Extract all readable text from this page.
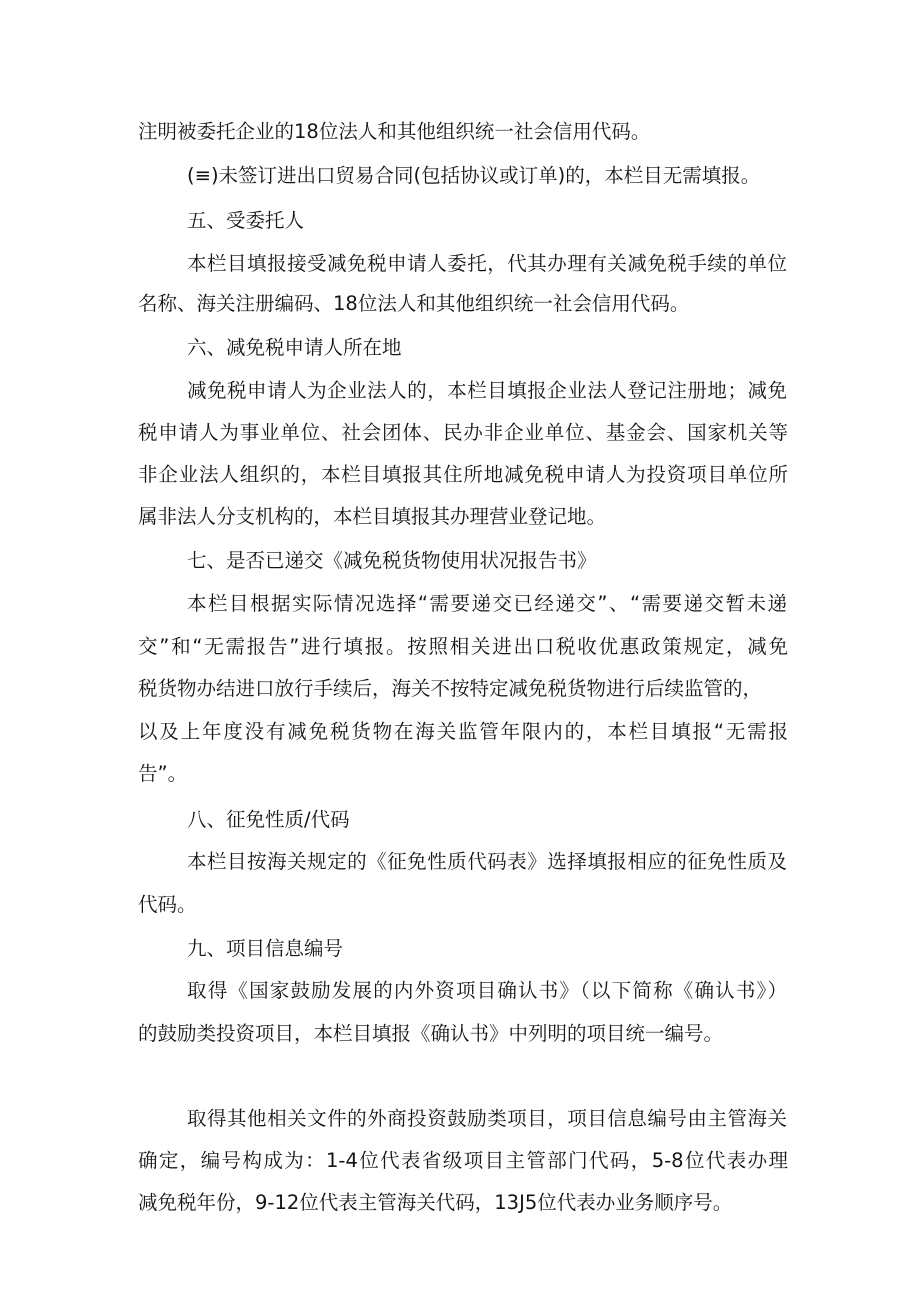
注明被委托企业的18位法人和其他组织统一社会信用代码。
(≡)未签订进出口贸易合同(包括协议或订单)的，本栏目无需填报。
五、受委托人
本栏目填报接受减免税申请人委托，代其办理有关减免税手续的单位
名称、海关注册编码、18位法人和其他组织统一社会信用代码。
六、减免税申请人所在地
减免税申请人为企业法人的，本栏目填报企业法人登记注册地；减免
税申请人为事业单位、社会团体、民办非企业单位、基金会、国家机关等
非企业法人组织的，本栏目填报其住所地减免税申请人为投资项目单位所
属非法人分支机构的，本栏目填报其办理营业登记地。
七、是否已递交《减免税货物使用状况报告书》
本栏目根据实际情况选择“需要递交已经递交”、“需要递交暂未递
交”和“无需报告”进行填报。按照相关进出口税收优惠政策规定，减免
税货物办结进口放行手续后，海关不按特定减免税货物进行后续监管的，
以及上年度没有减免税货物在海关监管年限内的，本栏目填报“无需报
告”。
八、征免性质/代码
本栏目按海关规定的《征免性质代码表》选择填报相应的征免性质及
代码。
九、项目信息编号
取得《国家鼓励发展的内外资项目确认书》（以下简称《确认书》）
的鼓励类投资项目，本栏目填报《确认书》中列明的项目统一编号。
取得其他相关文件的外商投资鼓励类项目，项目信息编号由主管海关
确定，编号构成为：1-4位代表省级项目主管部门代码，5-8位代表办理
减免税年份，9-12位代表主管海关代码，13J5位代表办业务顺序号。
